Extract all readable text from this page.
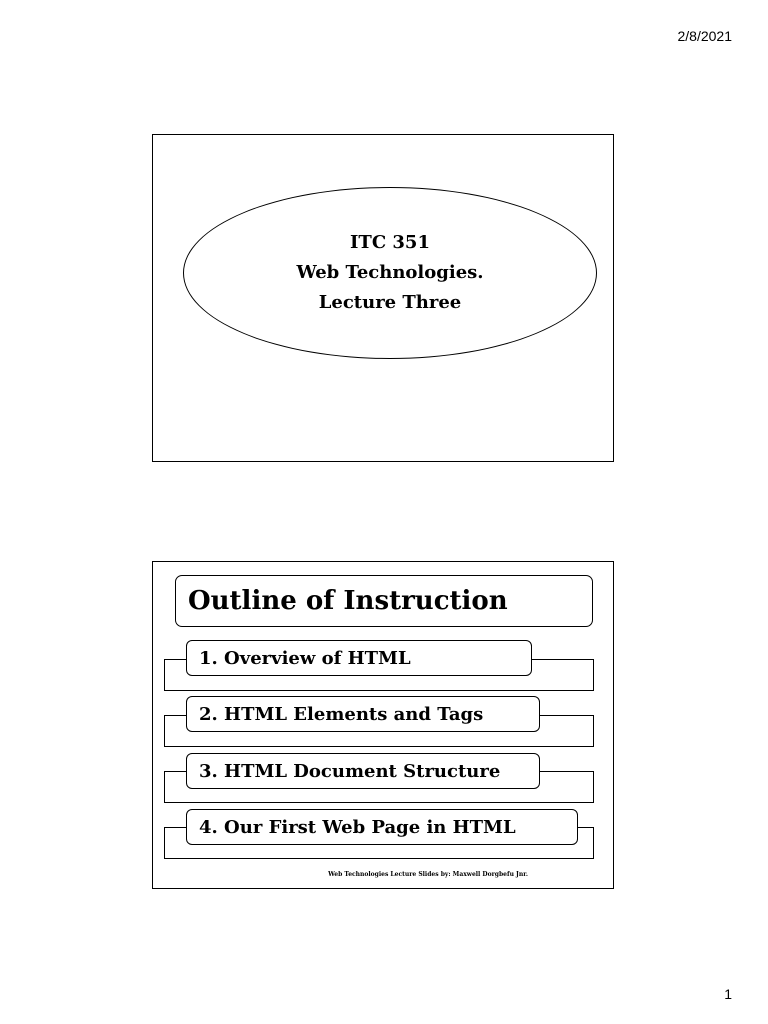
2/8/2021
ITC 351
Web Technologies.
Lecture Three
Outline of Instruction
1. Overview of HTML
2. HTML Elements and Tags
3. HTML Document Structure
4. Our First Web Page in HTML
Web Technologies Lecture Slides by: Maxwell Dorgbefu Jnr.
1
